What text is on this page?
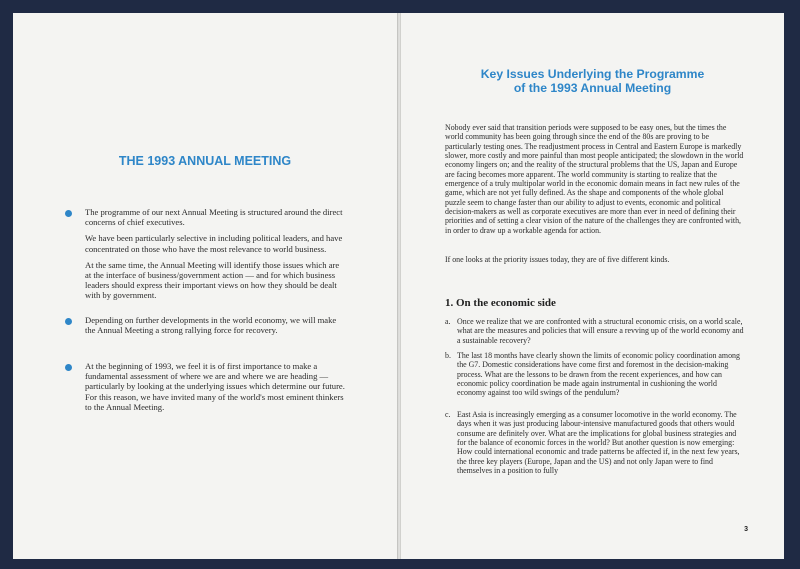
THE 1993 ANNUAL MEETING

The programme of our next Annual Meeting is structured around the direct concerns of chief executives.

We have been particularly selective in including political leaders, and have concentrated on those who have the most relevance to world business.

At the same time, the Annual Meeting will identify those issues which are at the interface of business/government action — and for which business leaders should express their important views on how they should be dealt with by government.

Depending on further developments in the world economy, we will make the Annual Meeting a strong rallying force for recovery.

At the beginning of 1993, we feel it is of first importance to make a fundamental assessment of where we are and where we are heading — particularly by looking at the underlying issues which determine our future. For this reason, we have invited many of the world's most eminent thinkers to the Annual Meeting.

Key Issues Underlying the Programme
of the 1993 Annual Meeting

Nobody ever said that transition periods were supposed to be easy ones, but the times the world community has been going through since the end of the 80s are proving to be particularly testing ones. The readjustment process in Central and Eastern Europe is markedly slower, more costly and more painful than most people anticipated; the slowdown in the world economy lingers on; and the reality of the structural problems that the US, Japan and Europe are facing becomes more apparent. The world community is starting to realize that the emergence of a truly multipolar world in the economic domain means in fact new rules of the game, which are not yet fully defined. As the shape and components of the whole global puzzle seem to change faster than our ability to adjust to events, economic and political decision-makers as well as corporate executives are more than ever in need of defining their priorities and of setting a clear vision of the nature of the challenges they are confronted with, in order to draw up a workable agenda for action.

If one looks at the priority issues today, they are of five different kinds.

1. On the economic side
a. Once we realize that we are confronted with a structural economic crisis, on a world scale, what are the measures and policies that will ensure a revving up of the world economy and a sustainable recovery?

b. The last 18 months have clearly shown the limits of economic policy coordination among the G7. Domestic considerations have come first and foremost in the decision-making process. What are the lessons to be drawn from the recent experiences, and how can economic policy coordination be made again instrumental in cushioning the world economy against too wild swings of the pendulum?

c. East Asia is increasingly emerging as a consumer locomotive in the world economy. The days when it was just producing labour-intensive manufactured goods that others would consume are definitely over. What are the implications for global business strategies and for the balance of economic forces in the world? But another question is now emerging: How could international economic and trade patterns be affected if, in the next few years, the three key players (Europe, Japan and the US) and not only Japan were to find themselves in a position to fully

3
